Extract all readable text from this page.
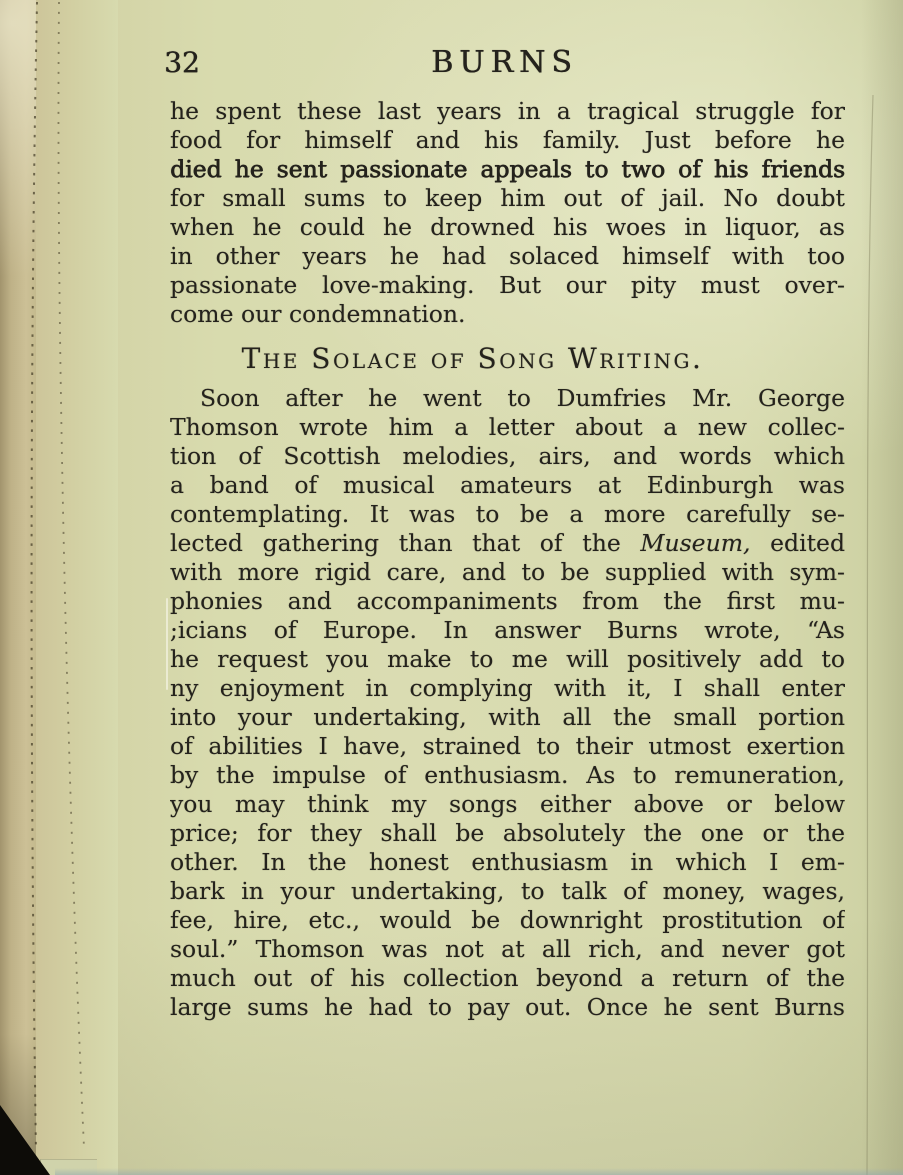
32	BURNS
he spent these last years in a tragical struggle for
food for himself and his family. Just before he
died he sent passionate appeals to two of his friends
for small sums to keep him out of jail. No doubt
when he could he drowned his woes in liquor, as
in other years he had solaced himself with too
passionate love-making. But our pity must over-
come our condemnation.
The Solace of Song Writing.
Soon after he went to Dumfries Mr. George
Thomson wrote him a letter about a new collec-
tion of Scottish melodies, airs, and words which
a band of musical amateurs at Edinburgh was
contemplating. It was to be a more carefully se-
lected gathering than that of the Museum, edited
with more rigid care, and to be supplied with sym-
phonies and accompaniments from the first mu-
;icians of Europe. In answer Burns wrote, “As
he request you make to me will positively add to
ny enjoyment in complying with it, I shall enter
into your undertaking, with all the small portion
of abilities I have, strained to their utmost exertion
by the impulse of enthusiasm. As to remuneration,
you may think my songs either above or below
price; for they shall be absolutely the one or the
other. In the honest enthusiasm in which I em-
bark in your undertaking, to talk of money, wages,
fee, hire, etc., would be downright prostitution of
soul.” Thomson was not at all rich, and never got
much out of his collection beyond a return of the
large sums he had to pay out. Once he sent Burns
